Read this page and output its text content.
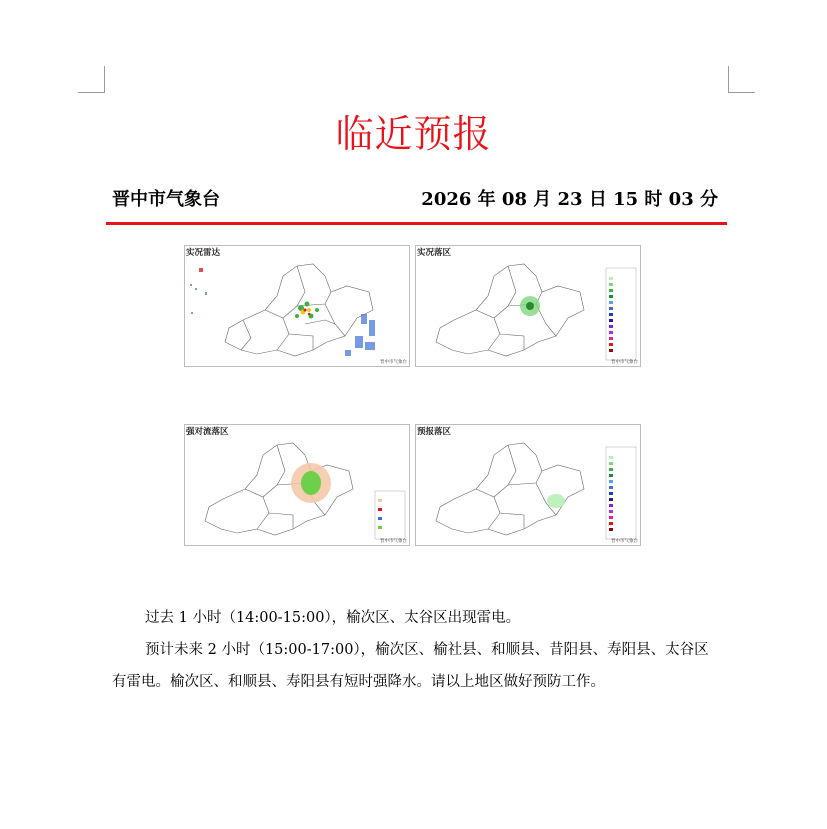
临近预报
晋中市气象台	2026 年 08 月 23 日 15 时 03 分
实况雷达
晋中市气象台
实况落区
晋中市气象台
强对流落区
晋中市气象台
预报落区
晋中市气象台

过去 1 小时（14:00-15:00），榆次区、太谷区出现雷电。

预计未来 2 小时（15:00-17:00），榆次区、榆社县、和顺县、昔阳县、寿阳县、太谷区有雷电。榆次区、和顺县、寿阳县有短时强降水。请以上地区做好预防工作。
